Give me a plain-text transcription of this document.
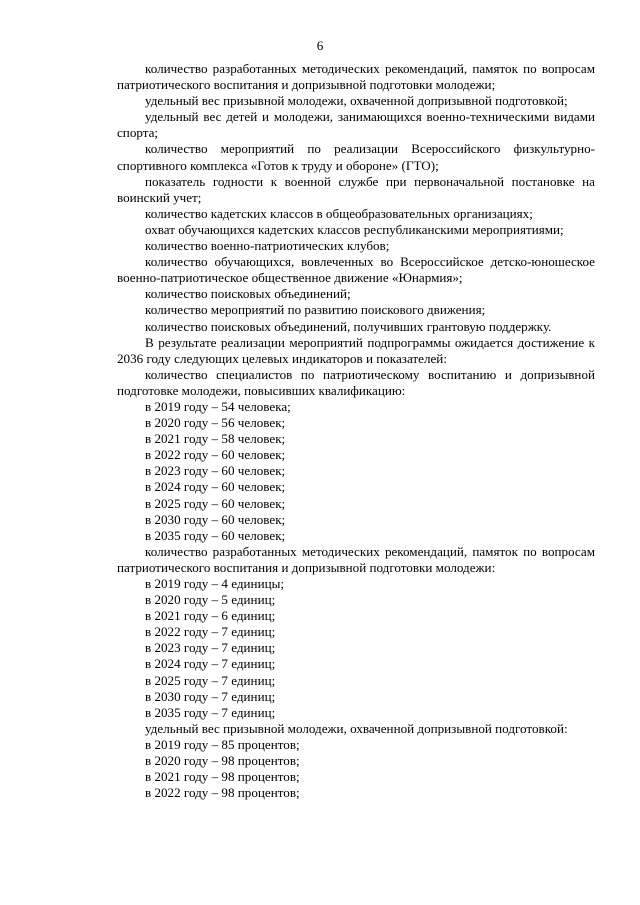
6

количество разработанных методических рекомендаций, памяток по вопросам патриотического воспитания и допризывной подготовки молодежи;

удельный вес призывной молодежи, охваченной допризывной подготовкой;

удельный вес детей и молодежи, занимающихся военно-техническими видами спорта;

количество мероприятий по реализации Всероссийского физкультурно-спортивного комплекса «Готов к труду и обороне» (ГТО);

показатель годности к военной службе при первоначальной постановке на воинский учет;

количество кадетских классов в общеобразовательных организациях;

охват обучающихся кадетских классов республиканскими мероприятиями;

количество военно-патриотических клубов;

количество обучающихся, вовлеченных во Всероссийское детско-юношеское военно-патриотическое общественное движение «Юнармия»;

количество поисковых объединений;

количество мероприятий по развитию поискового движения;

количество поисковых объединений, получивших грантовую поддержку.

В результате реализации мероприятий подпрограммы ожидается достижение к 2036 году следующих целевых индикаторов и показателей:

количество специалистов по патриотическому воспитанию и допризывной подготовке молодежи, повысивших квалификацию:

в 2019 году – 54 человека;

в 2020 году – 56 человек;

в 2021 году – 58 человек;

в 2022 году – 60 человек;

в 2023 году – 60 человек;

в 2024 году – 60 человек;

в 2025 году – 60 человек;

в 2030 году – 60 человек;

в 2035 году – 60 человек;

количество разработанных методических рекомендаций, памяток по вопросам патриотического воспитания и допризывной подготовки молодежи:

в 2019 году – 4 единицы;

в 2020 году – 5 единиц;

в 2021 году – 6 единиц;

в 2022 году – 7 единиц;

в 2023 году – 7 единиц;

в 2024 году – 7 единиц;

в 2025 году – 7 единиц;

в 2030 году – 7 единиц;

в 2035 году – 7 единиц;

удельный вес призывной молодежи, охваченной допризывной подготовкой:

в 2019 году – 85 процентов;

в 2020 году – 98 процентов;

в 2021 году – 98 процентов;

в 2022 году – 98 процентов;
